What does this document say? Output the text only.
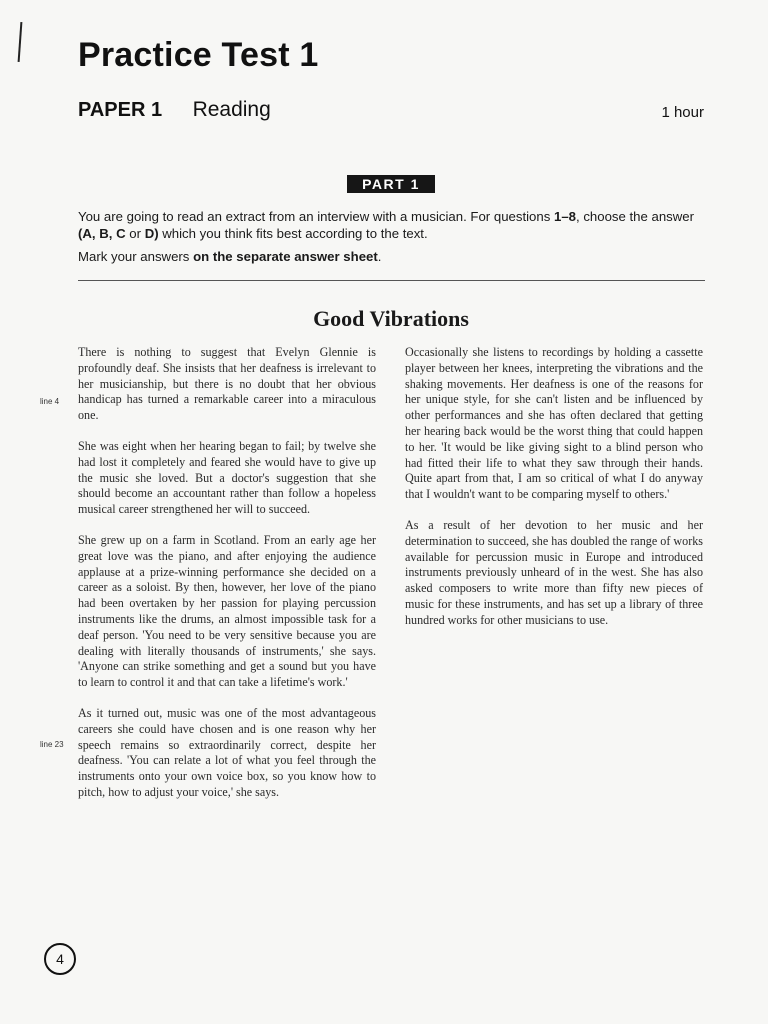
Practice Test 1
PAPER 1 Reading	1 hour
PART 1

You are going to read an extract from an interview with a musician. For questions 1–8, choose the answer (A, B, C or D) which you think fits best according to the text.

Mark your answers on the separate answer sheet.

Good Vibrations
line 4
line 23

There is nothing to suggest that Evelyn Glennie is profoundly deaf. She insists that her deafness is irrelevant to her musicianship, but there is no doubt that her obvious handicap has turned a remarkable career into a miraculous one.

She was eight when her hearing began to fail; by twelve she had lost it completely and feared she would have to give up the music she loved. But a doctor's suggestion that she should become an accountant rather than follow a hopeless musical career strengthened her will to succeed.

She grew up on a farm in Scotland. From an early age her great love was the piano, and after enjoying the audience applause at a prize-winning performance she decided on a career as a soloist. By then, however, her love of the piano had been overtaken by her passion for playing percussion instruments like the drums, an almost impossible task for a deaf person. 'You need to be very sensitive because you are dealing with literally thousands of instruments,' she says. 'Anyone can strike something and get a sound but you have to learn to control it and that can take a lifetime's work.'

As it turned out, music was one of the most advantageous careers she could have chosen and is one reason why her speech remains so extraordinarily correct, despite her deafness. 'You can relate a lot of what you feel through the instruments onto your own voice box, so you know how to pitch, how to adjust your voice,' she says.

Occasionally she listens to recordings by holding a cassette player between her knees, interpreting the vibrations and the shaking movements. Her deafness is one of the reasons for her unique style, for she can't listen and be influenced by other performances and she has often declared that getting her hearing back would be the worst thing that could happen to her. 'It would be like giving sight to a blind person who had fitted their life to what they saw through their hands. Quite apart from that, I am so critical of what I do anyway that I wouldn't want to be comparing myself to others.'

As a result of her devotion to her music and her determination to succeed, she has doubled the range of works available for percussion music in Europe and introduced instruments previously unheard of in the west. She has also asked composers to write more than fifty new pieces of music for these instruments, and has set up a library of three hundred works for other musicians to use.

4
